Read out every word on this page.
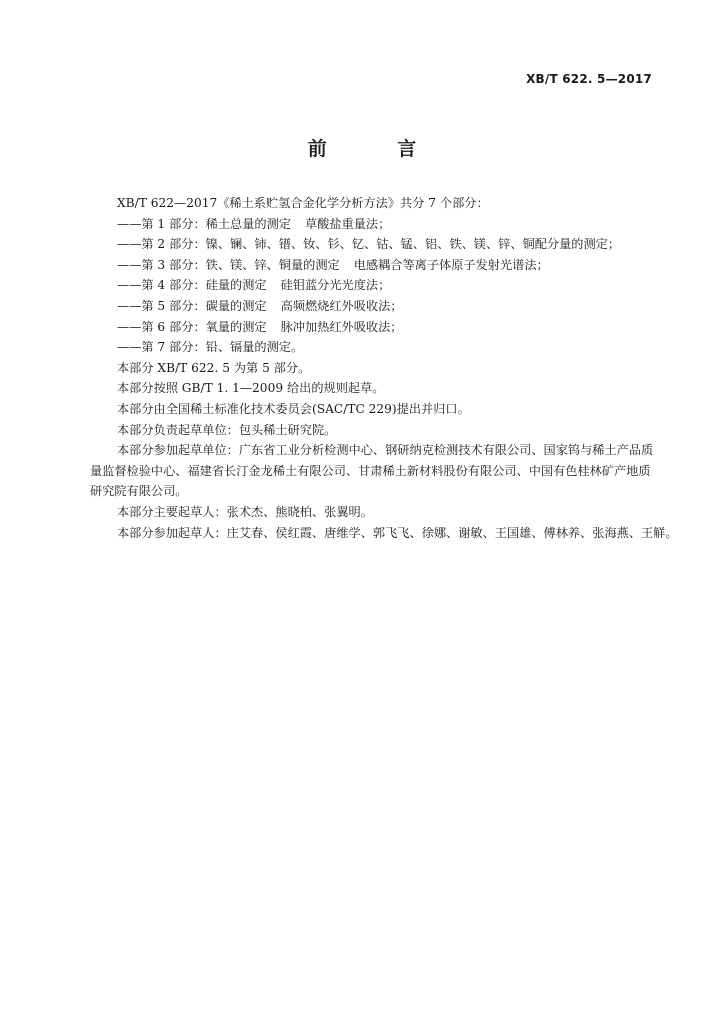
XB/T 622. 5—2017
前 言
XB/T 622—2017《稀土系贮氢合金化学分析方法》共分 7 个部分：
——第 1 部分：稀土总量的测定 草酸盐重量法；
——第 2 部分：镍、镧、铈、镨、钕、钐、钇、钴、锰、铝、铁、镁、锌、铜配分量的测定；
——第 3 部分：铁、镁、锌、铜量的测定 电感耦合等离子体原子发射光谱法；
——第 4 部分：硅量的测定 硅钼蓝分光光度法；
——第 5 部分：碳量的测定 高频燃烧红外吸收法；
——第 6 部分：氧量的测定 脉冲加热红外吸收法；
——第 7 部分：铅、镉量的测定。
本部分 XB/T 622. 5 为第 5 部分。
本部分按照 GB/T 1. 1—2009 给出的规则起草。
本部分由全国稀土标准化技术委员会(SAC/TC 229)提出并归口。
本部分负责起草单位：包头稀土研究院。
本部分参加起草单位：广东省工业分析检测中心、钢研纳克检测技术有限公司、国家钨与稀土产品质量监督检验中心、福建省长汀金龙稀土有限公司、甘肃稀土新材料股份有限公司、中国有色桂林矿产地质研究院有限公司。
本部分主要起草人：张术杰、熊晓柏、张翼明。
本部分参加起草人：庄艾春、侯红霞、唐维学、郭飞飞、徐娜、谢敏、王国雄、傅林养、张海燕、王觧。
